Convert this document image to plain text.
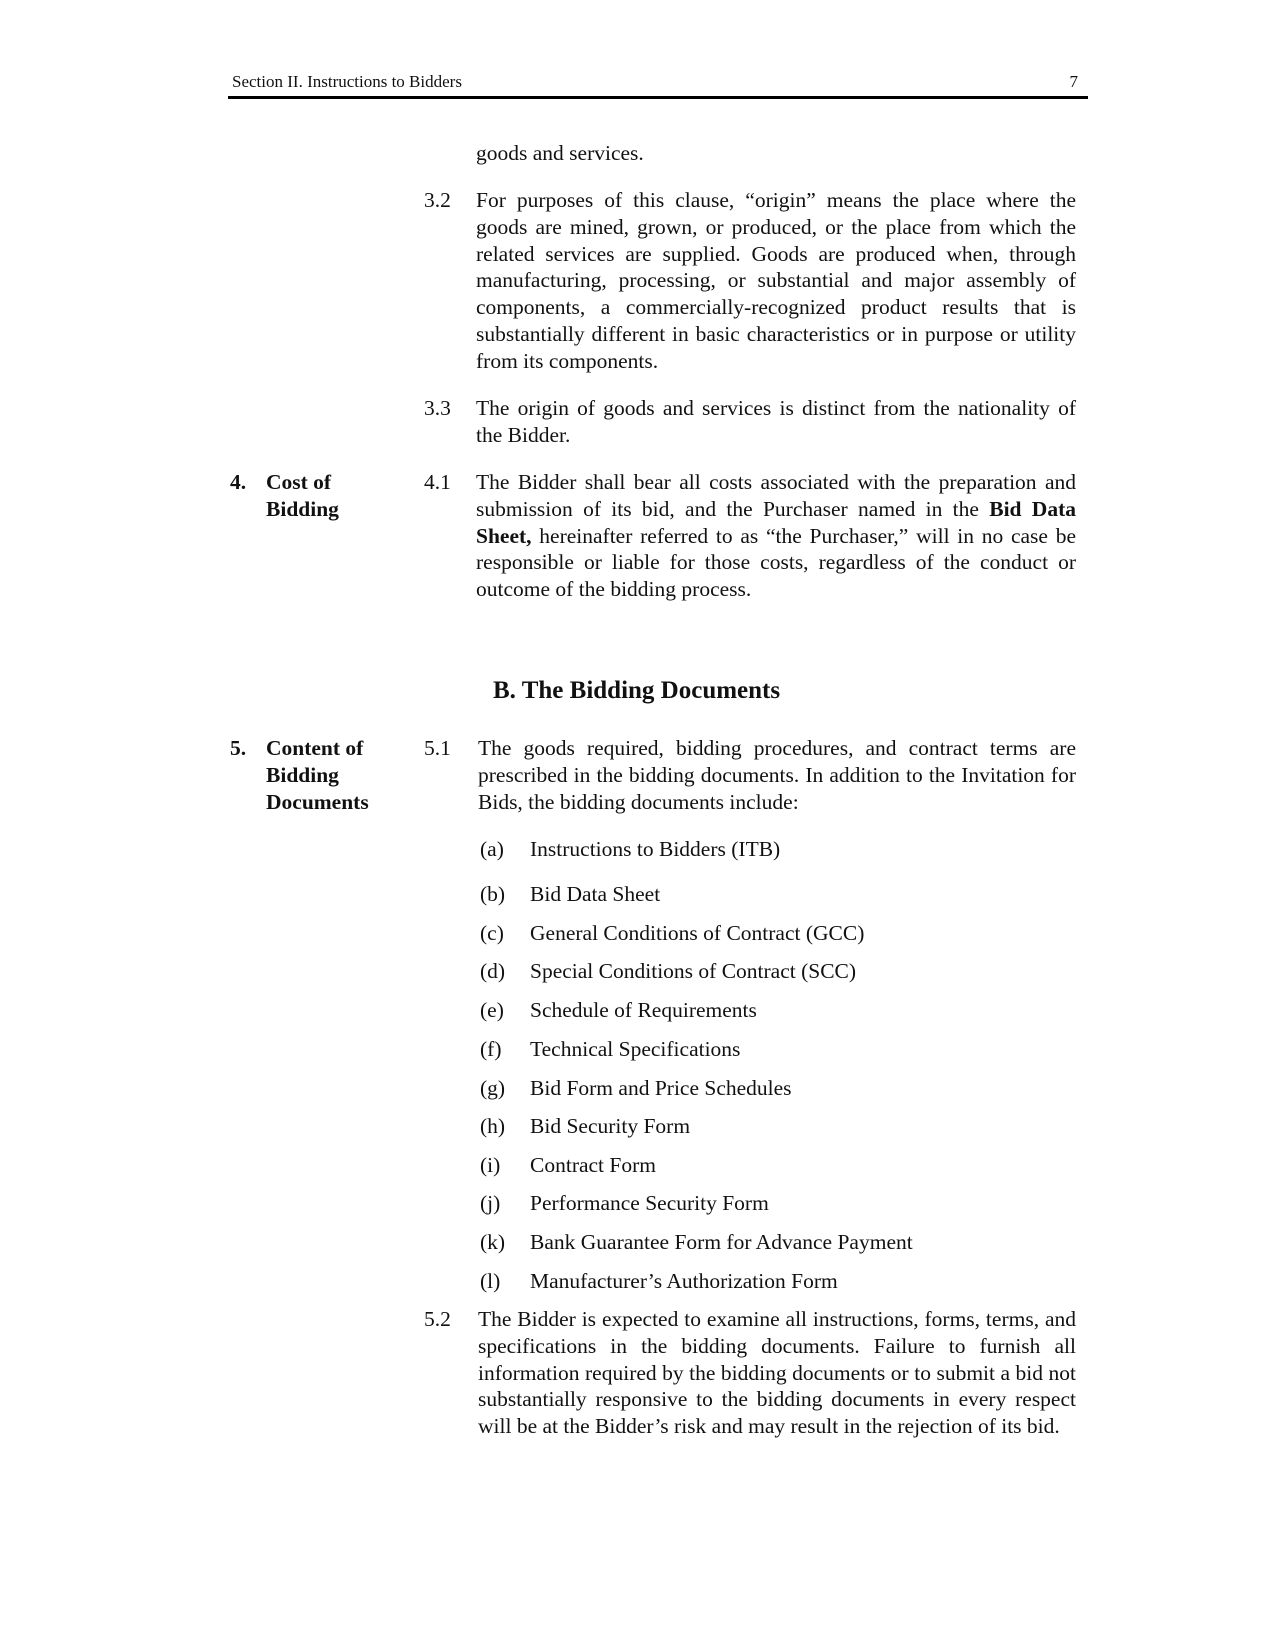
Section II. Instructions to Bidders	7
goods and services.
3.2 For purposes of this clause, “origin” means the place where the goods are mined, grown, or produced, or the place from which the related services are supplied. Goods are produced when, through manufacturing, processing, or substantial and major assembly of components, a commercially-recognized product results that is substantially different in basic characteristics or in purpose or utility from its components.
3.3 The origin of goods and services is distinct from the nationality of the Bidder.
4. Cost of
Bidding
4.1 The Bidder shall bear all costs associated with the preparation and submission of its bid, and the Purchaser named in the Bid Data Sheet, hereinafter referred to as “the Purchaser,” will in no case be responsible or liable for those costs, regardless of the conduct or outcome of the bidding process.
B. The Bidding Documents
5. Content of
Bidding
Documents
5.1 The goods required, bidding procedures, and contract terms are prescribed in the bidding documents. In addition to the Invitation for Bids, the bidding documents include:
(a) Instructions to Bidders (ITB)
(b) Bid Data Sheet
(c) General Conditions of Contract (GCC)
(d) Special Conditions of Contract (SCC)
(e) Schedule of Requirements
(f) Technical Specifications
(g) Bid Form and Price Schedules
(h) Bid Security Form
(i) Contract Form
(j) Performance Security Form
(k) Bank Guarantee Form for Advance Payment
(l) Manufacturer’s Authorization Form
5.2 The Bidder is expected to examine all instructions, forms, terms, and specifications in the bidding documents. Failure to furnish all information required by the bidding documents or to submit a bid not substantially responsive to the bidding documents in every respect will be at the Bidder’s risk and may result in the rejection of its bid.
